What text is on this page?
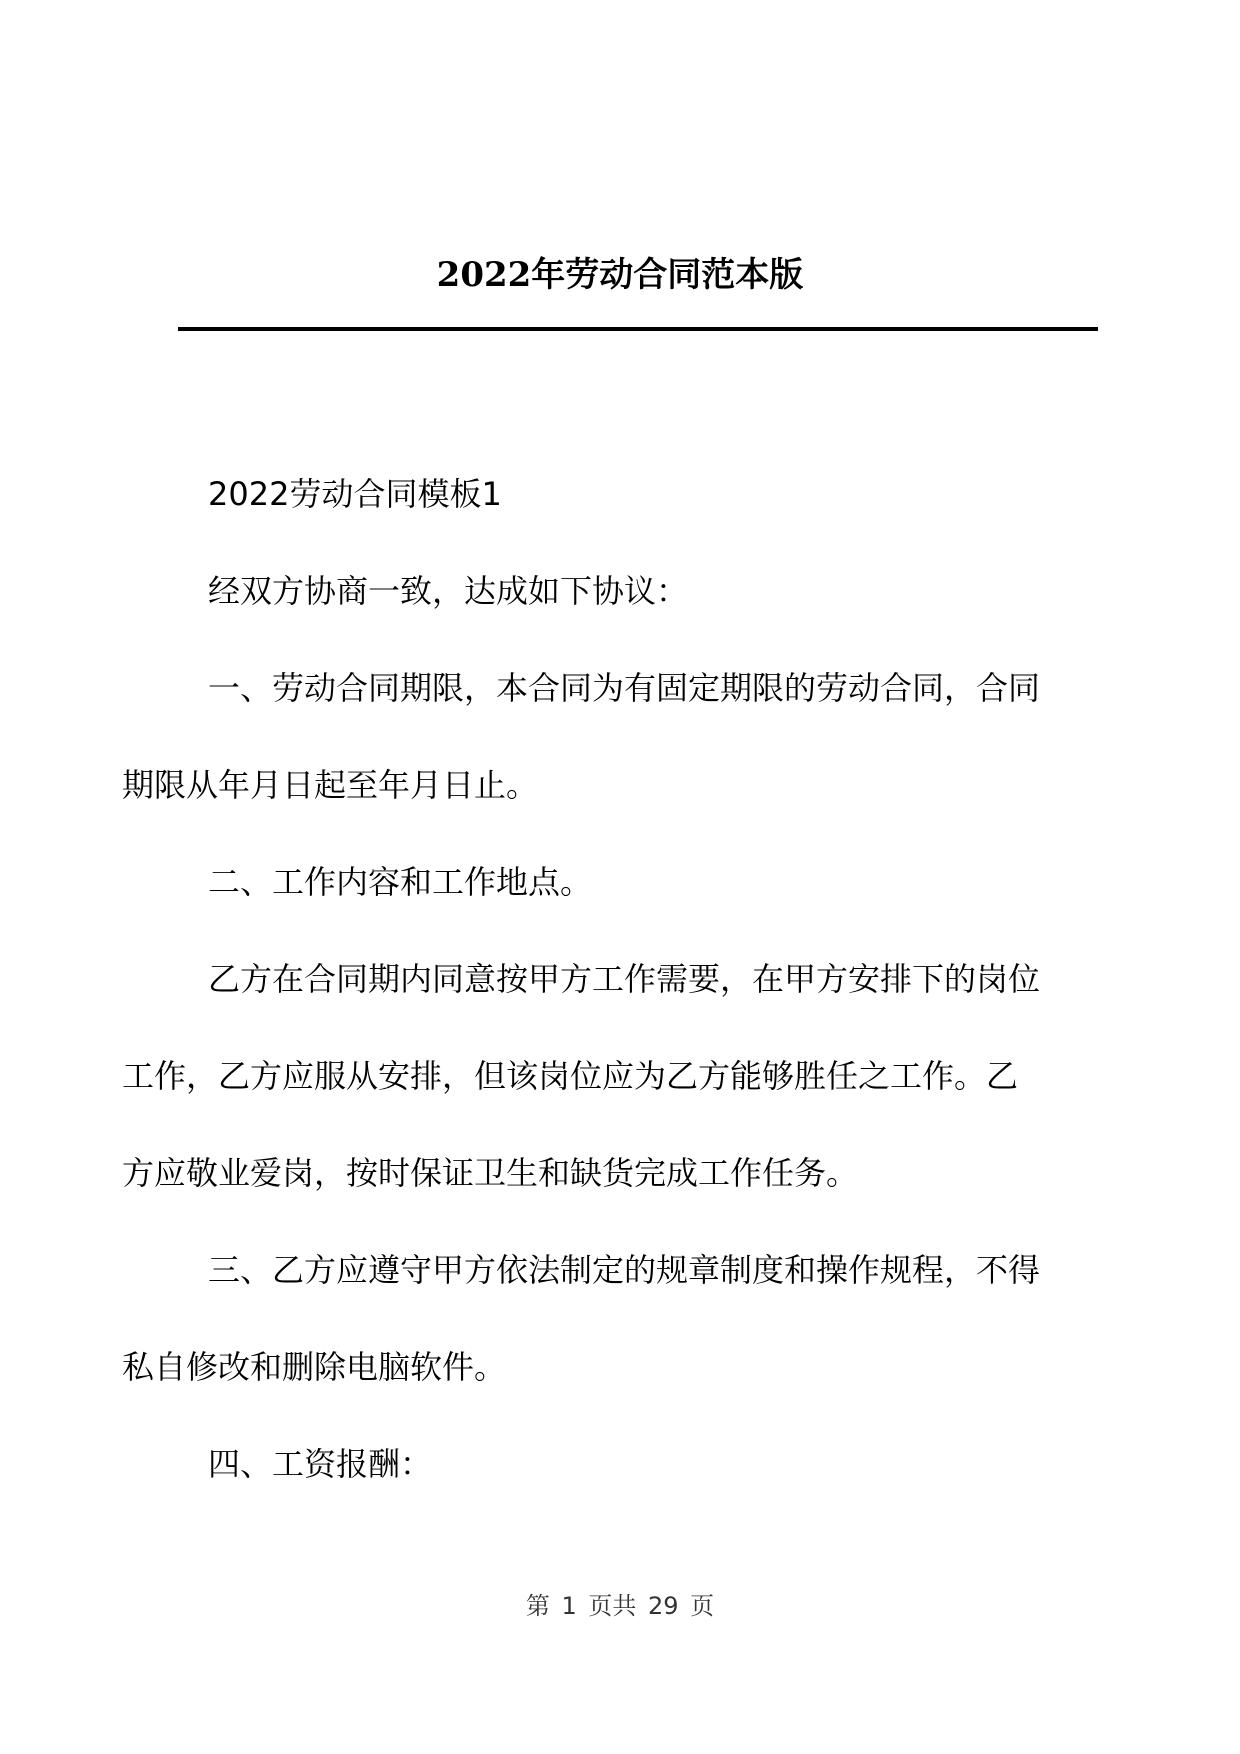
2022年劳动合同范本版

2022劳动合同模板1

经双方协商一致，达成如下协议：

一、劳动合同期限，本合同为有固定期限的劳动合同，合同
期限从年月日起至年月日止。

二、工作内容和工作地点。

乙方在合同期内同意按甲方工作需要，在甲方安排下的岗位
工作，乙方应服从安排，但该岗位应为乙方能够胜任之工作。乙
方应敬业爱岗，按时保证卫生和缺货完成工作任务。

三、乙方应遵守甲方依法制定的规章制度和操作规程，不得
私自修改和删除电脑软件。

四、工资报酬：

第 1 页共 29 页
